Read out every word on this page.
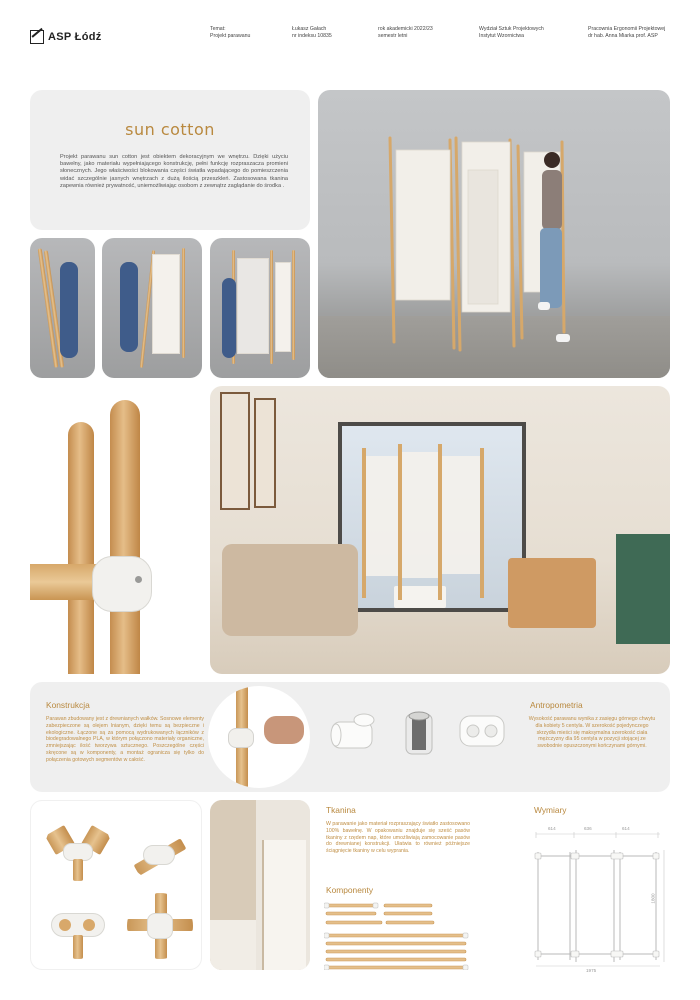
ASP Łódź
Temat:
Projekt parawanu
Łukasz Gałach
nr indeksu 10835
rok akademicki 2022/23
semestr letni
Wydział Sztuk Projektowych
Instytut Wzornictwa
Pracownia Ergonomii Projektowej
dr hab. Anna Miarka prof. ASP
sun cotton
Projekt parawanu sun cotton jest obiektem dekoracyjnym we wnętrzu. Dzięki użyciu bawełny, jako materiału wypełniającego konstrukcję, pełni funkcję rozpraszacza promieni słonecznych. Jego właściwości blokowania części światła wpadającego do pomieszczenia widać szczególnie jasnych wnętrzach z dużą ilością przeszkleń. Zastosowana tkanina zapewnia również prywatność, uniemożliwiając osobom z zewnątrz zaglądanie do środka .
Konstrukcja
Parawan zbudowany jest z drewnianych wałków. Sosnowe elementy zabezpieczone są olejem lnianym, dzięki temu są bezpieczne i ekologiczne. Łączone są za pomocą wydrukowanych łączników z biodegradowalnego PLA, w którym połączono materiały organiczne, zmniejszając ilość tworzywa sztucznego. Poszczególne części skręcone są w komponenty, a montaż ogranicza się tylko do połączenia gotowych segmentów w całość.
Antropometria
Wysokość parawanu wynika z zasięgu górnego chwytu dla kobiety 5 centyla. W szerokość pojedynczego skrzydła mieści się maksymalna szerokość ciała mężczyzny dla 95 centyla w pozycji stojącej ze swobodnie opuszczonymi kończynami górnymi.
Tkanina
W parawanie jako materiał rozpraszający światło zastosowano 100% bawełnę. W opakowaniu znajduje się sześć pasów tkaniny z rzędem nap, które umożliwiają zamocowanie pasów do drewnianej konstrukcji. Ułatwia to również późniejsze ściągnięcie tkaniny w celu wyprania.
Komponenty
Wymiary
614	636	614
1800
1975
